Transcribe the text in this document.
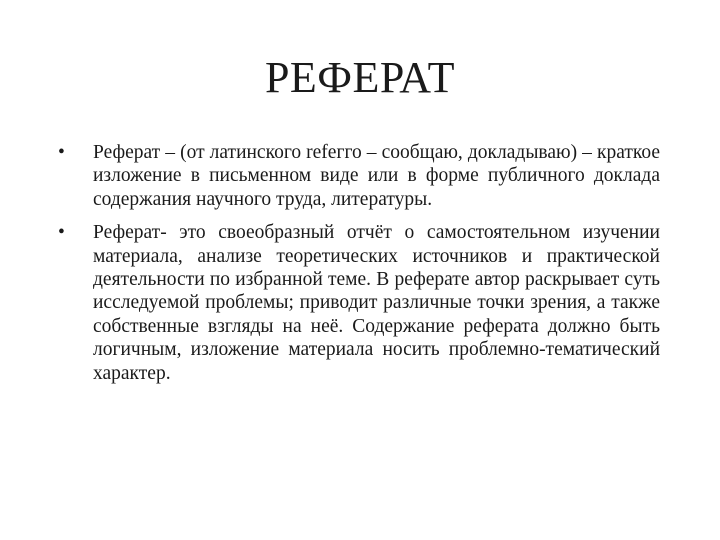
РЕФЕРАТ
• Реферат – (от латинского refегго – сообщаю, докладываю) – краткое изложение в письменном виде или в форме публичного доклада содержания научного труда, литературы.
• Реферат- это своеобразный отчёт о самостоятельном изучении материала, анализе теоретических источников и практической деятельности по избранной теме. В реферате автор раскрывает суть исследуемой проблемы; приводит различные точки зрения, а также собственные взгляды на неё. Содержание реферата должно быть логичным, изложение материала носить проблемно-тематический характер.
